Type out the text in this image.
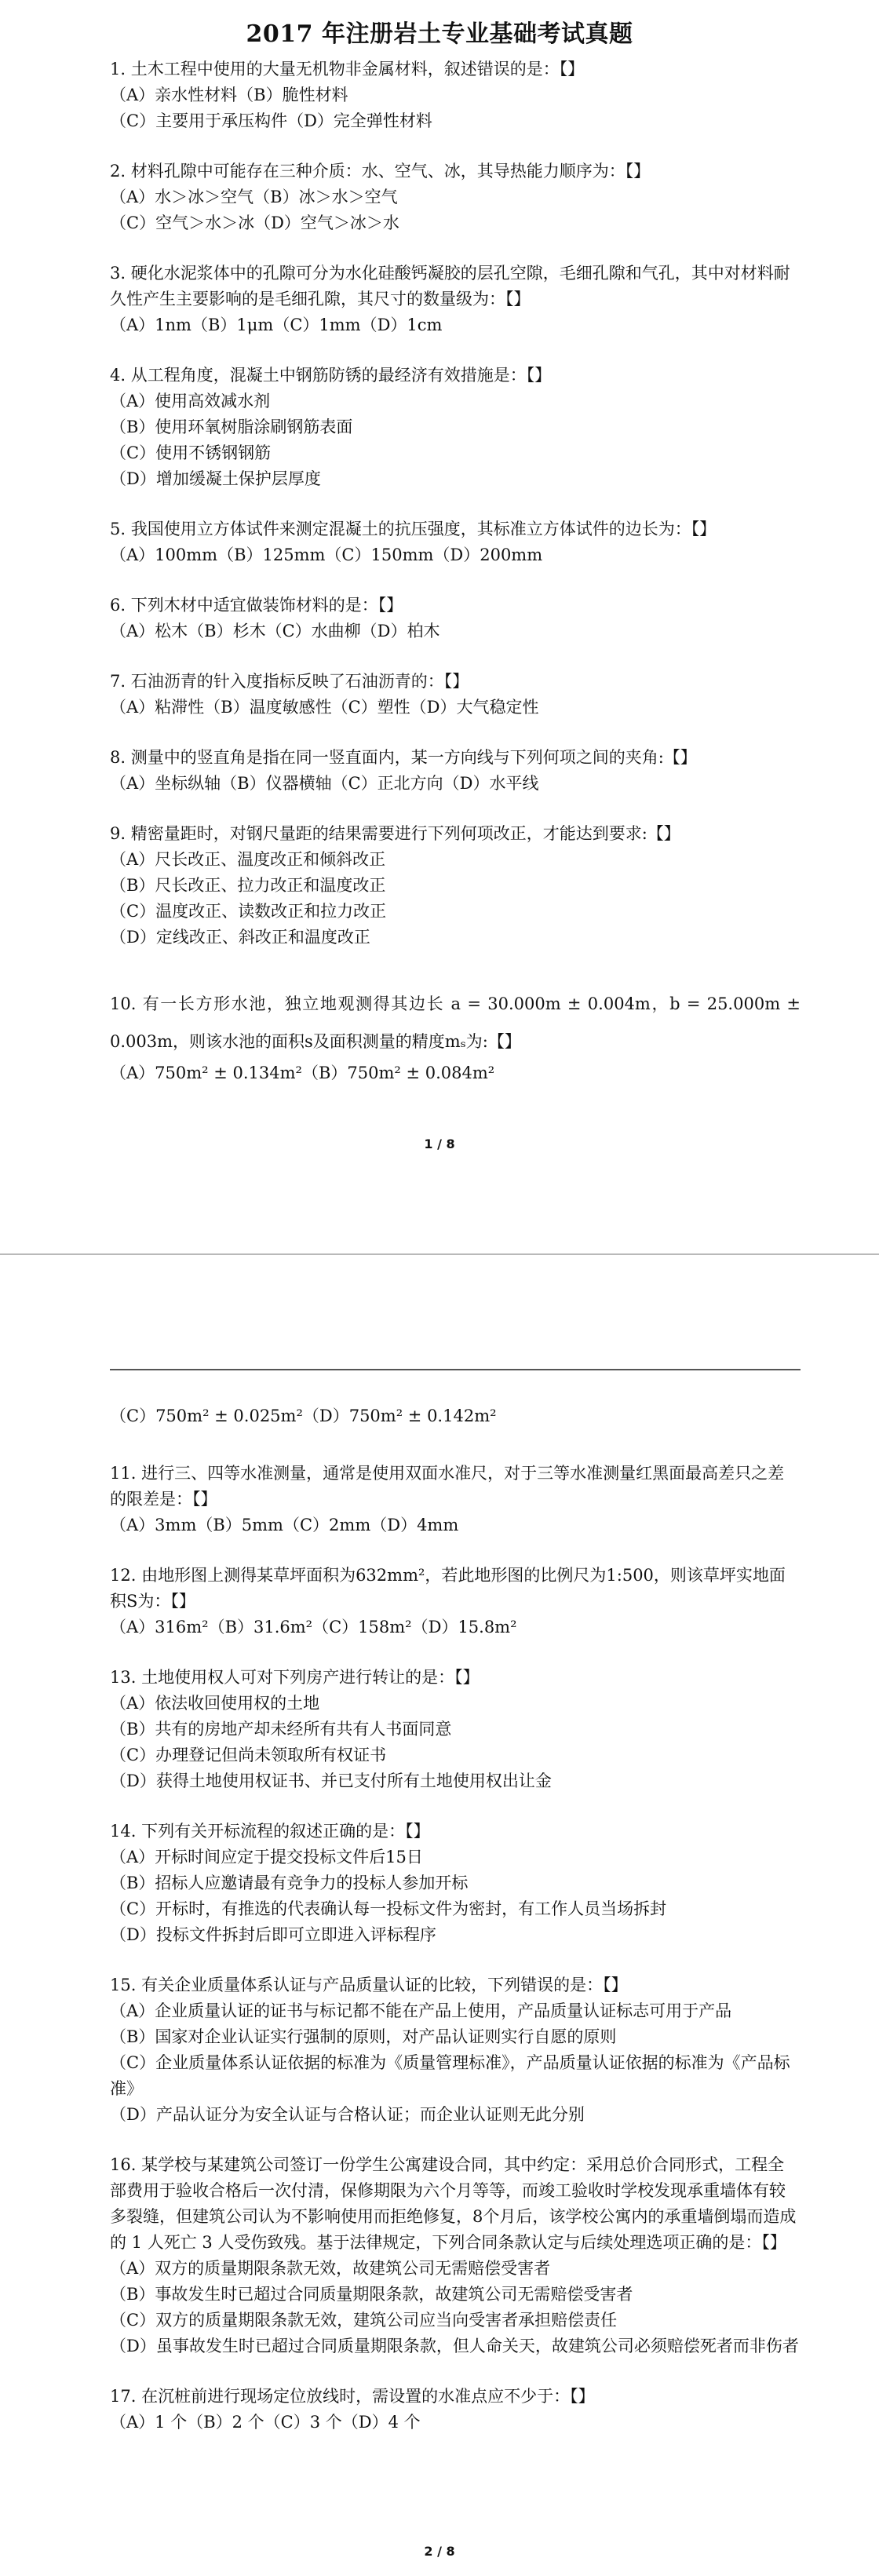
2017 年注册岩土专业基础考试真题
1. 土木工程中使用的大量无机物非金属材料，叙述错误的是：【】
（A）亲水性材料（B）脆性材料
（C）主要用于承压构件（D）完全弹性材料
2. 材料孔隙中可能存在三种介质：水、空气、冰，其导热能力顺序为：【】
（A）水＞冰＞空气（B）冰＞水＞空气
（C）空气＞水＞冰（D）空气＞冰＞水
3. 硬化水泥浆体中的孔隙可分为水化硅酸钙凝胶的层孔空隙，毛细孔隙和气孔，其中对材料耐久性产生主要影响的是毛细孔隙，其尺寸的数量级为：【】
（A）1nm（B）1μm（C）1mm（D）1cm
4. 从工程角度，混凝土中钢筋防锈的最经济有效措施是：【】
（A）使用高效减水剂
（B）使用环氧树脂涂刷钢筋表面
（C）使用不锈钢钢筋
（D）增加缓凝土保护层厚度
5. 我国使用立方体试件来测定混凝土的抗压强度，其标准立方体试件的边长为：【】
（A）100mm（B）125mm（C）150mm（D）200mm
6. 下列木材中适宜做装饰材料的是：【】
（A）松木（B）杉木（C）水曲柳（D）柏木
7. 石油沥青的针入度指标反映了石油沥青的：【】
（A）粘滞性（B）温度敏感性（C）塑性（D）大气稳定性
8. 测量中的竖直角是指在同一竖直面内，某一方向线与下列何项之间的夹角:【】
（A）坐标纵轴（B）仪器横轴（C）正北方向（D）水平线
9. 精密量距时，对钢尺量距的结果需要进行下列何项改正，才能达到要求:【】
（A）尺长改正、温度改正和倾斜改正
（B）尺长改正、拉力改正和温度改正
（C）温度改正、读数改正和拉力改正
（D）定线改正、斜改正和温度改正
10. 有一长方形水池，独立地观测得其边长 a = 30.000m ± 0.004m，b = 25.000m ± 0.003m，则该水池的面积s及面积测量的精度mₛ为:【】
（A）750m² ± 0.134m²（B）750m² ± 0.084m²
1 / 8
（C）750m² ± 0.025m²（D）750m² ± 0.142m²
11. 进行三、四等水准测量，通常是使用双面水准尺，对于三等水准测量红黑面最高差只之差的限差是：【】
（A）3mm（B）5mm（C）2mm（D）4mm
12. 由地形图上测得某草坪面积为632mm²，若此地形图的比例尺为1:500，则该草坪实地面积S为：【】
（A）316m²（B）31.6m²（C）158m²（D）15.8m²
13. 土地使用权人可对下列房产进行转让的是：【】
（A）依法收回使用权的土地
（B）共有的房地产却未经所有共有人书面同意
（C）办理登记但尚未领取所有权证书
（D）获得土地使用权证书、并已支付所有土地使用权出让金
14. 下列有关开标流程的叙述正确的是：【】
（A）开标时间应定于提交投标文件后15日
（B）招标人应邀请最有竞争力的投标人参加开标
（C）开标时，有推选的代表确认每一投标文件为密封，有工作人员当场拆封
（D）投标文件拆封后即可立即进入评标程序
15. 有关企业质量体系认证与产品质量认证的比较，下列错误的是：【】
（A）企业质量认证的证书与标记都不能在产品上使用，产品质量认证标志可用于产品
（B）国家对企业认证实行强制的原则，对产品认证则实行自愿的原则
（C）企业质量体系认证依据的标准为《质量管理标准》，产品质量认证依据的标准为《产品标准》
（D）产品认证分为安全认证与合格认证；而企业认证则无此分别
16. 某学校与某建筑公司签订一份学生公寓建设合同，其中约定：采用总价合同形式，工程全部费用于验收合格后一次付清，保修期限为六个月等等，而竣工验收时学校发现承重墙体有较多裂缝，但建筑公司认为不影响使用而拒绝修复，8个月后，该学校公寓内的承重墙倒塌而造成的 1 人死亡 3 人受伤致残。基于法律规定，下列合同条款认定与后续处理选项正确的是：【】
（A）双方的质量期限条款无效，故建筑公司无需赔偿受害者
（B）事故发生时已超过合同质量期限条款，故建筑公司无需赔偿受害者
（C）双方的质量期限条款无效，建筑公司应当向受害者承担赔偿责任
（D）虽事故发生时已超过合同质量期限条款，但人命关天，故建筑公司必须赔偿死者而非伤者
17. 在沉桩前进行现场定位放线时，需设置的水准点应不少于：【】
（A）1 个（B）2 个（C）3 个（D）4 个
2 / 8
